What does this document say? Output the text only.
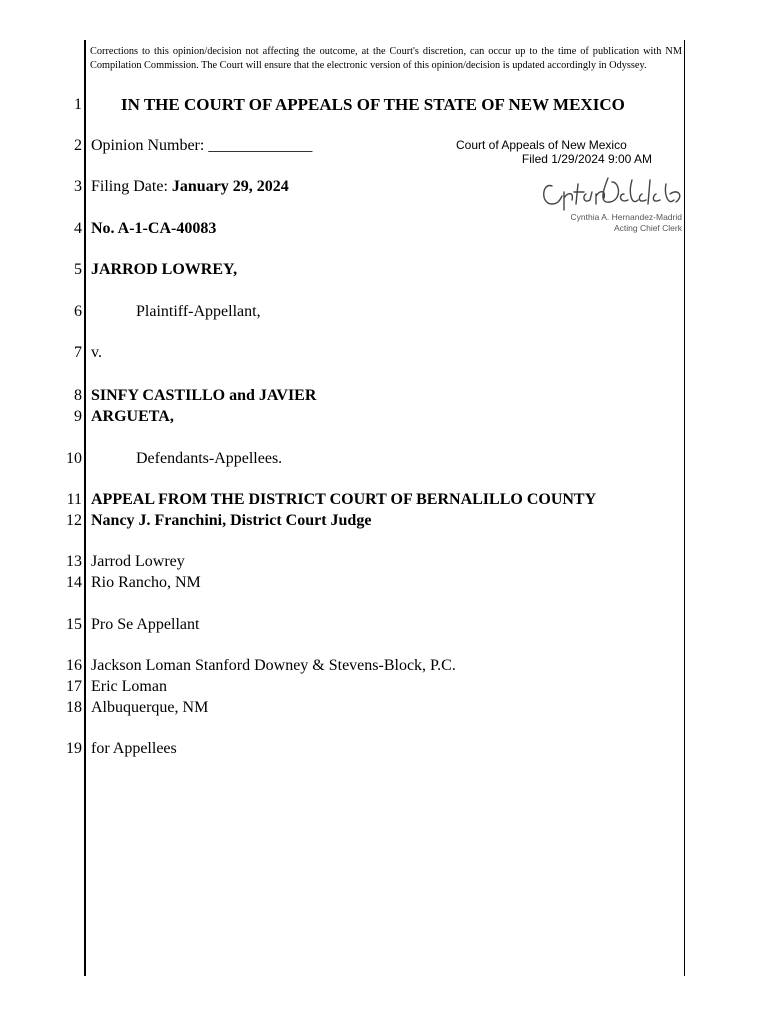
Corrections to this opinion/decision not affecting the outcome, at the Court's discretion, can occur up to the time of publication with NM Compilation Commission. The Court will ensure that the electronic version of this opinion/decision is updated accordingly in Odyssey.
1 IN THE COURT OF APPEALS OF THE STATE OF NEW MEXICO
2 Opinion Number: _____________	Court of Appeals of New Mexico
Filed 1/29/2024 9:00 AM
3 Filing Date: January 29, 2024
Cynthia A. Hernandez-Madrid
Acting Chief Clerk
4 No. A-1-CA-40083
5 JARROD LOWREY,
6	Plaintiff-Appellant,
7 v.
8 SINFY CASTILLO and JAVIER
9 ARGUETA,
10	Defendants-Appellees.
11 APPEAL FROM THE DISTRICT COURT OF BERNALILLO COUNTY
12 Nancy J. Franchini, District Court Judge
13 Jarrod Lowrey
14 Rio Rancho, NM
15 Pro Se Appellant
16 Jackson Loman Stanford Downey & Stevens-Block, P.C.
17 Eric Loman
18 Albuquerque, NM
19 for Appellees
